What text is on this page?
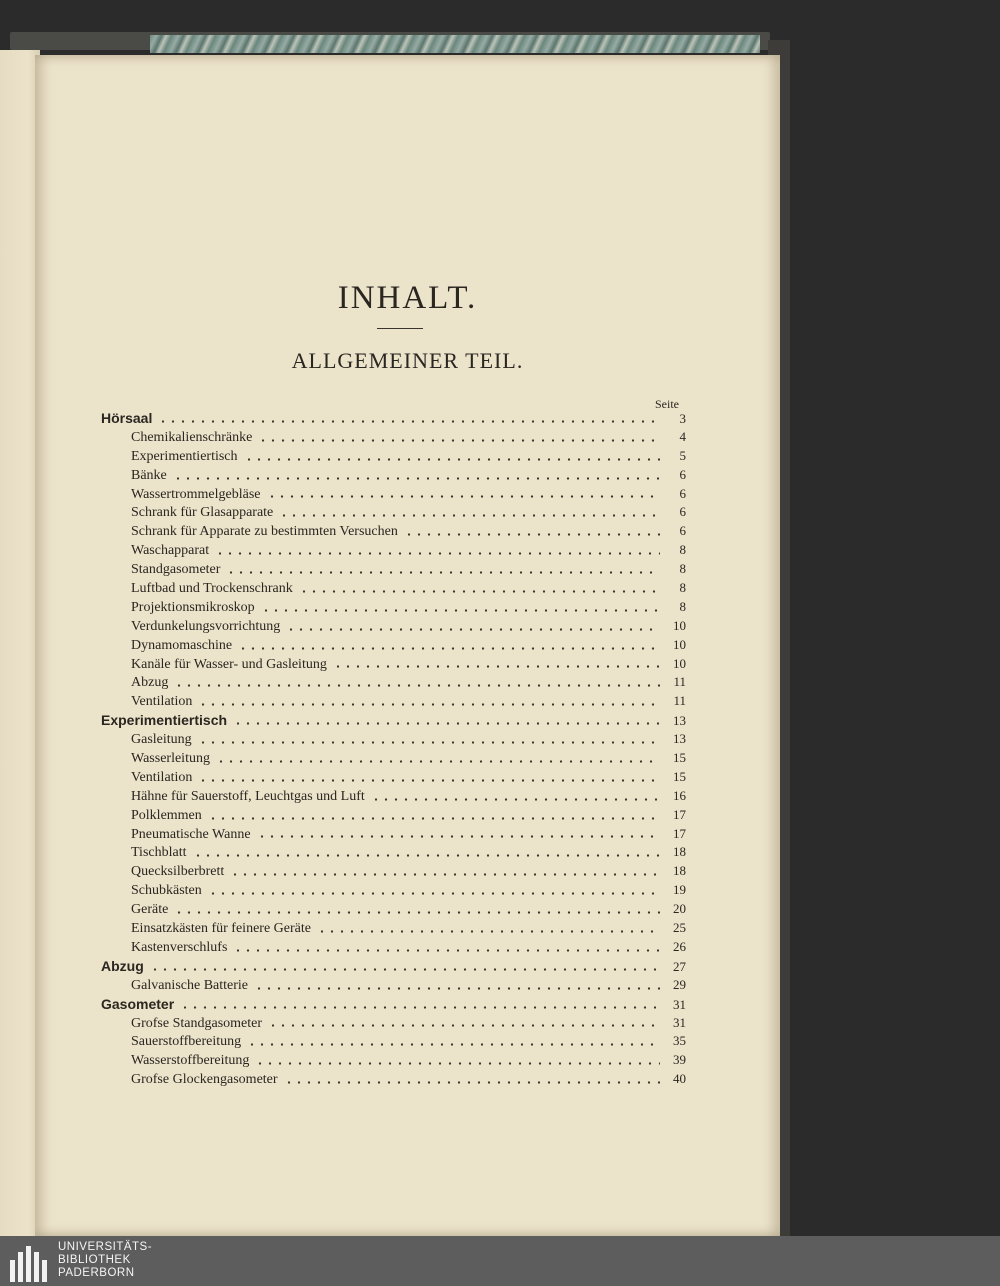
INHALT.
ALLGEMEINER TEIL.
Seite
Hörsaal	3
Chemikalienschränke	4
Experimentiertisch	5
Bänke	6
Wassertrommelgebläse	6
Schrank für Glasapparate	6
Schrank für Apparate zu bestimmten Versuchen	6
Waschapparat	8
Standgasometer	8
Luftbad und Trockenschrank	8
Projektionsmikroskop	8
Verdunkelungsvorrichtung	10
Dynamomaschine	10
Kanäle für Wasser- und Gasleitung	10
Abzug	11
Ventilation	11
Experimentiertisch	13
Gasleitung	13
Wasserleitung	15
Ventilation	15
Hähne für Sauerstoff, Leuchtgas und Luft	16
Polklemmen	17
Pneumatische Wanne	17
Tischblatt	18
Quecksilberbrett	18
Schubkästen	19
Geräte	20
Einsatzkästen für feinere Geräte	25
Kastenverschlufs	26
Abzug	27
Galvanische Batterie	29
Gasometer	31
Grofse Standgasometer	31
Sauerstoffbereitung	35
Wasserstoffbereitung	39
Grofse Glockengasometer	40
UNIVERSITÄTS-
BIBLIOTHEK
PADERBORN
